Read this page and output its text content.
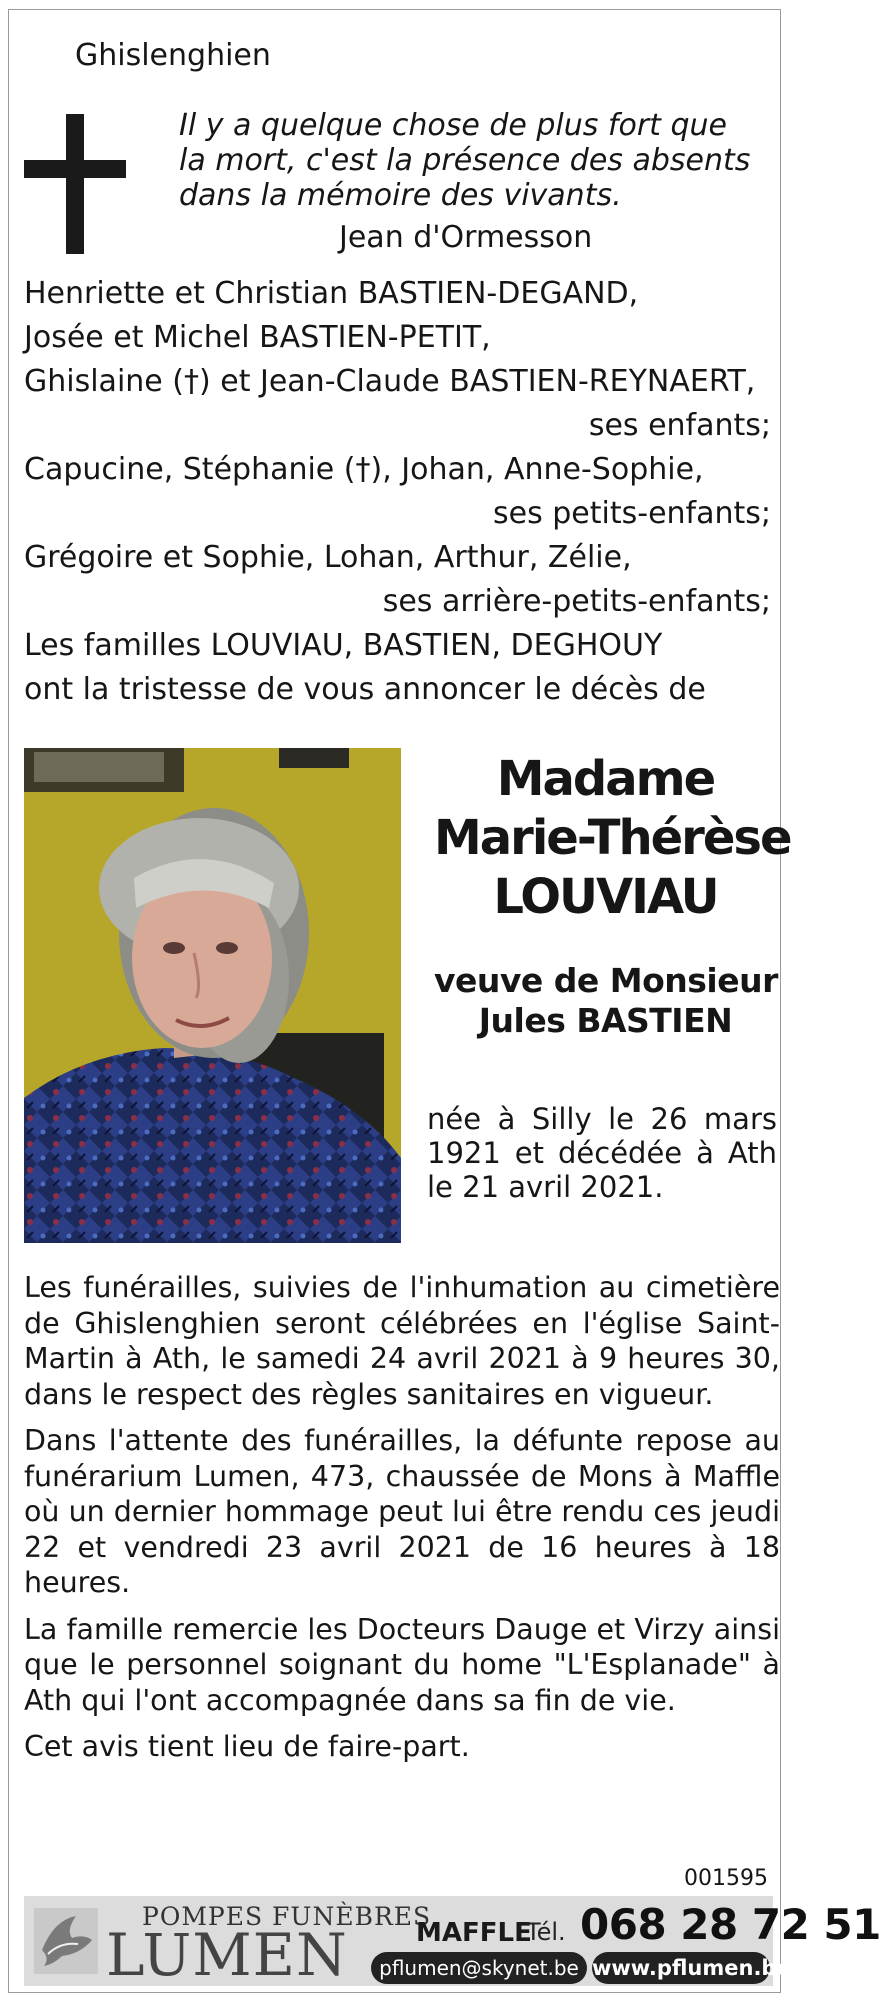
Ghislenghien
Il y a quelque chose de plus fort que
la mort, c'est la présence des absents
dans la mémoire des vivants.
Jean d'Ormesson
Henriette et Christian BASTIEN-DEGAND,
Josée et Michel BASTIEN-PETIT,
Ghislaine (†) et Jean-Claude BASTIEN-REYNAERT,
ses enfants;
Capucine, Stéphanie (†), Johan, Anne-Sophie,
ses petits-enfants;
Grégoire et Sophie, Lohan, Arthur, Zélie,
ses arrière-petits-enfants;
Les familles LOUVIAU, BASTIEN, DEGHOUY
ont la tristesse de vous annoncer le décès de
Madame
Marie-Thérèse
LOUVIAU
veuve de Monsieur
Jules BASTIEN
née à Silly le 26 mars 1921 et décédée à Ath le 21 avril 2021.

Les funérailles, suivies de l'inhumation au cimetière de Ghislenghien seront célébrées en l'église Saint-Martin à Ath, le samedi 24 avril 2021 à 9 heures 30, dans le respect des règles sanitaires en vigueur.

Dans l'attente des funérailles, la défunte repose au funérarium Lumen, 473, chaussée de Mons à Maffle où un dernier hommage peut lui être rendu ces jeudi 22 et vendredi 23 avril 2021 de 16 heures à 18 heures.

La famille remercie les Docteurs Dauge et Virzy ainsi que le personnel soignant du home "L'Esplanade" à Ath qui l'ont accompagnée dans sa fin de vie.

Cet avis tient lieu de faire-part.

001595
POMPES FUNÈBRES
LUMEN	MAFFLE
Tél. 068 28 72 51
pflumen@skynet.be www.pflumen.be
